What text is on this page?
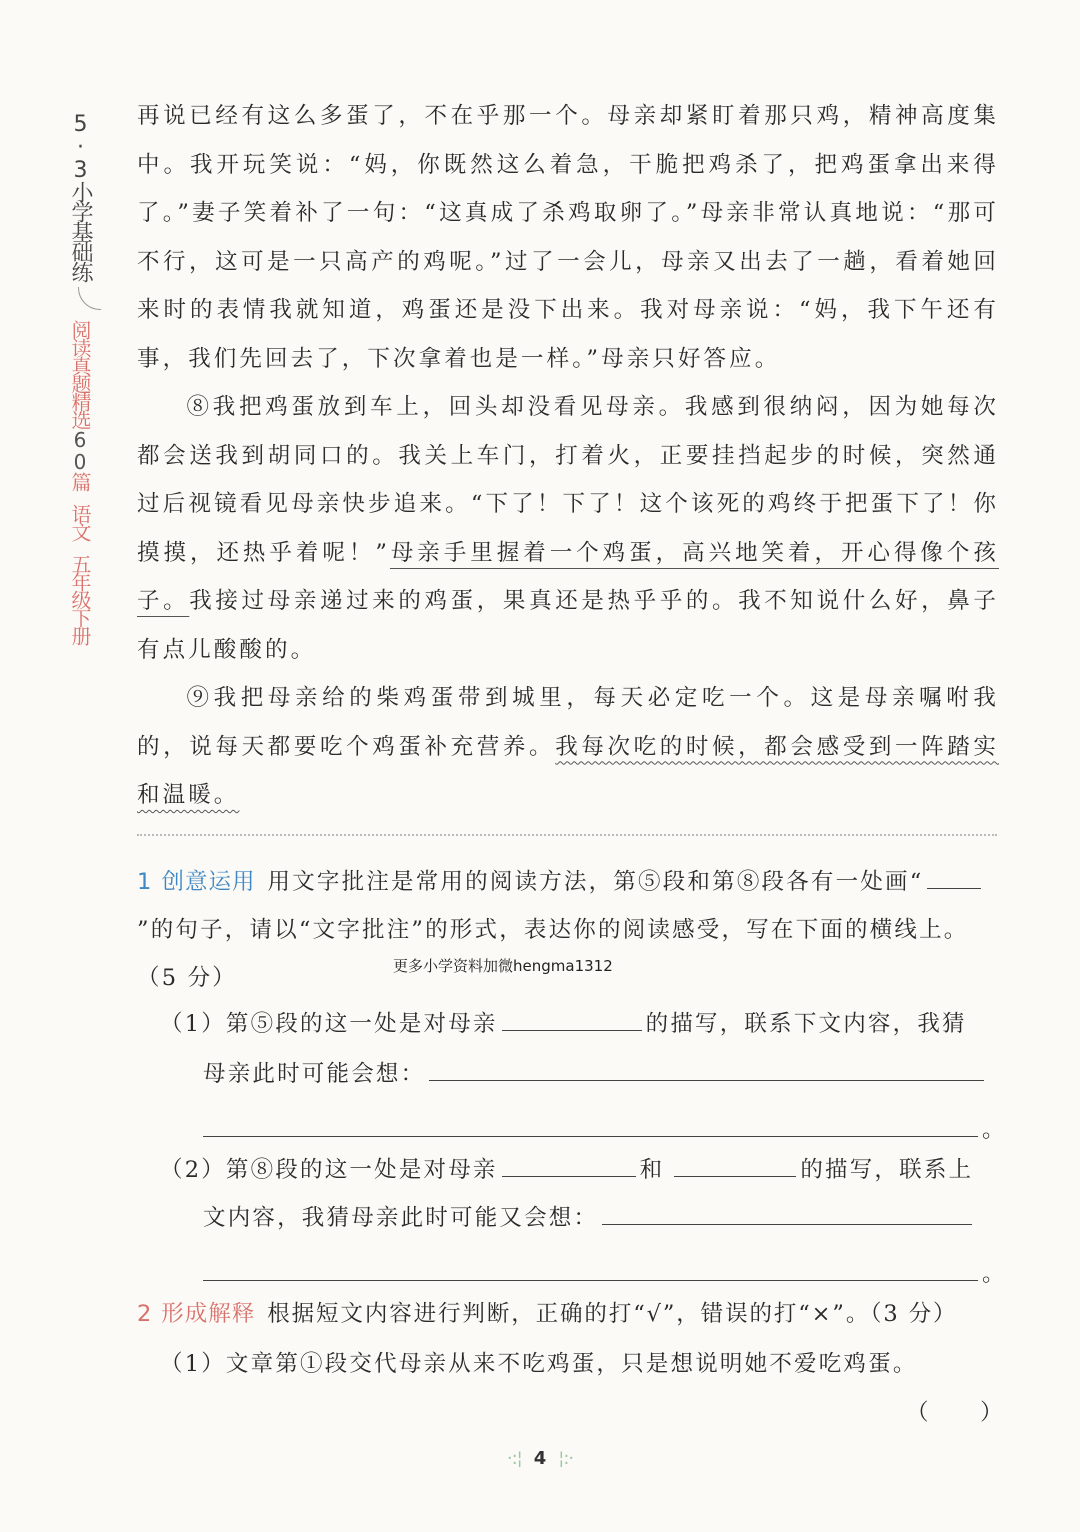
5·3小学基础练
阅读真题精选60篇
语文
五年级下册

再说已经有这么多蛋了，不在乎那一个。母亲却紧盯着那只鸡，精神高度集中。我开玩笑说：“妈，你既然这么着急，干脆把鸡杀了，把鸡蛋拿出来得了。”妻子笑着补了一句：“这真成了杀鸡取卵了。”母亲非常认真地说：“那可不行，这可是一只高产的鸡呢。”过了一会儿，母亲又出去了一趟，看着她回来时的表情我就知道，鸡蛋还是没下出来。我对母亲说：“妈，我下午还有事，我们先回去了，下次拿着也是一样。”母亲只好答应。

⑧我把鸡蛋放到车上，回头却没看见母亲。我感到很纳闷，因为她每次都会送我到胡同口的。我关上车门，打着火，正要挂挡起步的时候，突然通过后视镜看见母亲快步追来。“下了！下了！这个该死的鸡终于把蛋下了！你摸摸，还热乎着呢！”母亲手里握着一个鸡蛋，高兴地笑着，开心得像个孩子。我接过母亲递过来的鸡蛋，果真还是热乎乎的。我不知说什么好，鼻子有点儿酸酸的。

⑨我把母亲给的柴鸡蛋带到城里，每天必定吃一个。这是母亲嘱咐我的，说每天都要吃个鸡蛋补充营养。我每次吃的时候，都会感受到一阵踏实和温暖。

1 创意运用 用文字批注是常用的阅读方法，第⑤段和第⑧段各有一处画“”的句子，请以“文字批注”的形式，表达你的阅读感受，写在下面的横线上。（5 分）	更多小学资料加微hengma1312
（1）第⑤段的这一处是对母亲	的描写，联系下文内容，我猜
母亲此时可能会想：
。
（2）第⑧段的这一处是对母亲	和	的描写，联系上
文内容，我猜母亲此时可能又会想：
。
2 形成解释 根据短文内容进行判断，正确的打“√”，错误的打“×”。（3 分）
（1）文章第①段交代母亲从来不吃鸡蛋，只是想说明她不爱吃鸡蛋。
（　　）
·:¦ 4 ¦:·
